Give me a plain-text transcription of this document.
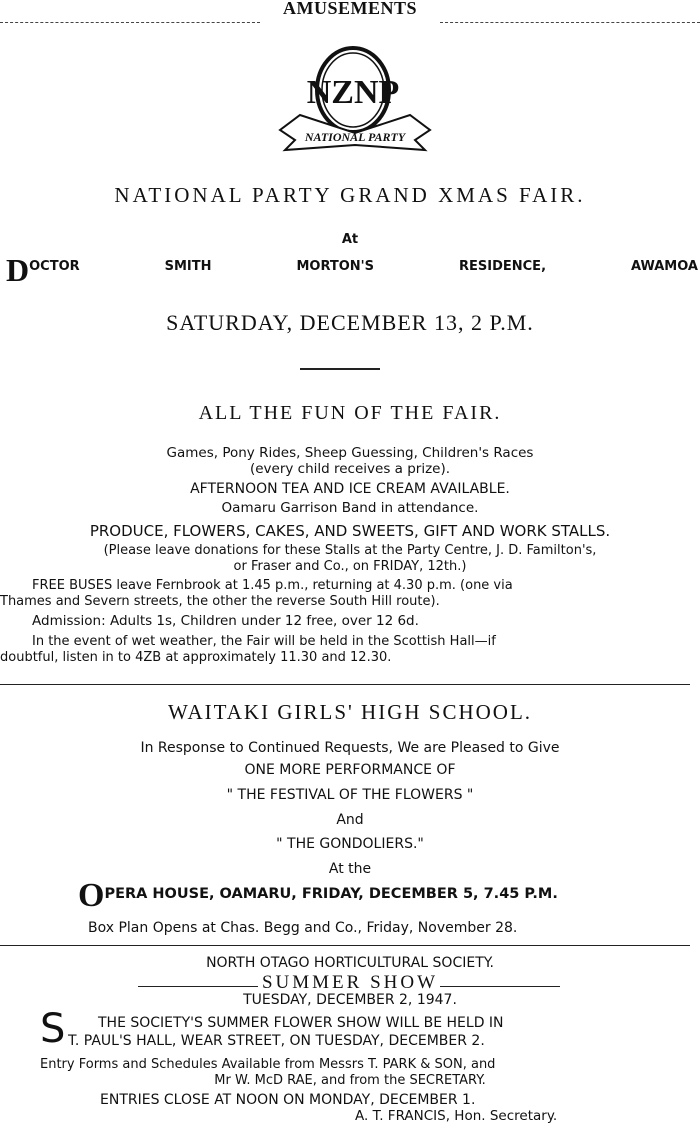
AMUSEMENTS
NZNP
NATIONAL PARTY
NATIONAL PARTY GRAND XMAS FAIR.
At
D OCTOR	SMITH	MORTON'S	RESIDENCE,	AWAMOA
SATURDAY, DECEMBER 13, 2 P.M.
ALL THE FUN OF THE FAIR.
Games, Pony Rides, Sheep Guessing, Children's Races
(every child receives a prize).
AFTERNOON TEA AND ICE CREAM AVAILABLE.
Oamaru Garrison Band in attendance.
PRODUCE, FLOWERS, CAKES, AND SWEETS, GIFT AND WORK STALLS.
(Please leave donations for these Stalls at the Party Centre, J. D. Familton's,
or Fraser and Co., on FRIDAY, 12th.)
FREE BUSES leave Fernbrook at 1.45 p.m., returning at 4.30 p.m. (one via
Thames and Severn streets, the other the reverse South Hill route).
Admission: Adults 1s, Children under 12 free, over 12 6d.
In the event of wet weather, the Fair will be held in the Scottish Hall—if
doubtful, listen in to 4ZB at approximately 11.30 and 12.30.
WAITAKI GIRLS' HIGH SCHOOL.
In Response to Continued Requests, We are Pleased to Give
ONE MORE PERFORMANCE OF
" THE FESTIVAL OF THE FLOWERS "
And
" THE GONDOLIERS."
At the
O PERA HOUSE, OAMARU, FRIDAY, DECEMBER 5, 7.45 P.M.
Box Plan Opens at Chas. Begg and Co., Friday, November 28.
NORTH OTAGO HORTICULTURAL SOCIETY.
SUMMER SHOW
TUESDAY, DECEMBER 2, 1947.
S THE SOCIETY'S SUMMER FLOWER SHOW WILL BE HELD IN
T. PAUL'S HALL, WEAR STREET, ON TUESDAY, DECEMBER 2.
Entry Forms and Schedules Available from Messrs T. PARK & SON, and
Mr W. McD RAE, and from the SECRETARY.
ENTRIES CLOSE AT NOON ON MONDAY, DECEMBER 1.
A. T. FRANCIS, Hon. Secretary.
